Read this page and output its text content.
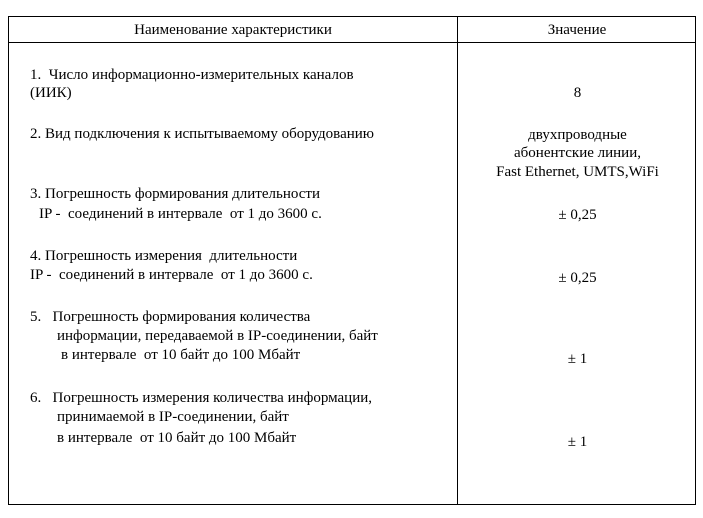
Наименование характеристики	Значение
1.  Число информационно-измерительных каналов
(ИИК)	8
2. Вид подключения к испытываемому оборудованию	двухпроводные
абонентские линии,
Fast Ethernet, UMTS,WiFi
3. Погрешность формирования длительности
IP -  соединений в интервале  от 1 до 3600 с.	± 0,25
4. Погрешность измерения  длительности
IP -  соединений в интервале  от 1 до 3600 с.	± 0,25
5.   Погрешность формирования количества
информации, передаваемой в IP-соединении, байт
в интервале  от 10 байт до 100 Мбайт	± 1
6.   Погрешность измерения количества информации,
принимаемой в IP-соединении, байт
в интервале  от 10 байт до 100 Мбайт	± 1
